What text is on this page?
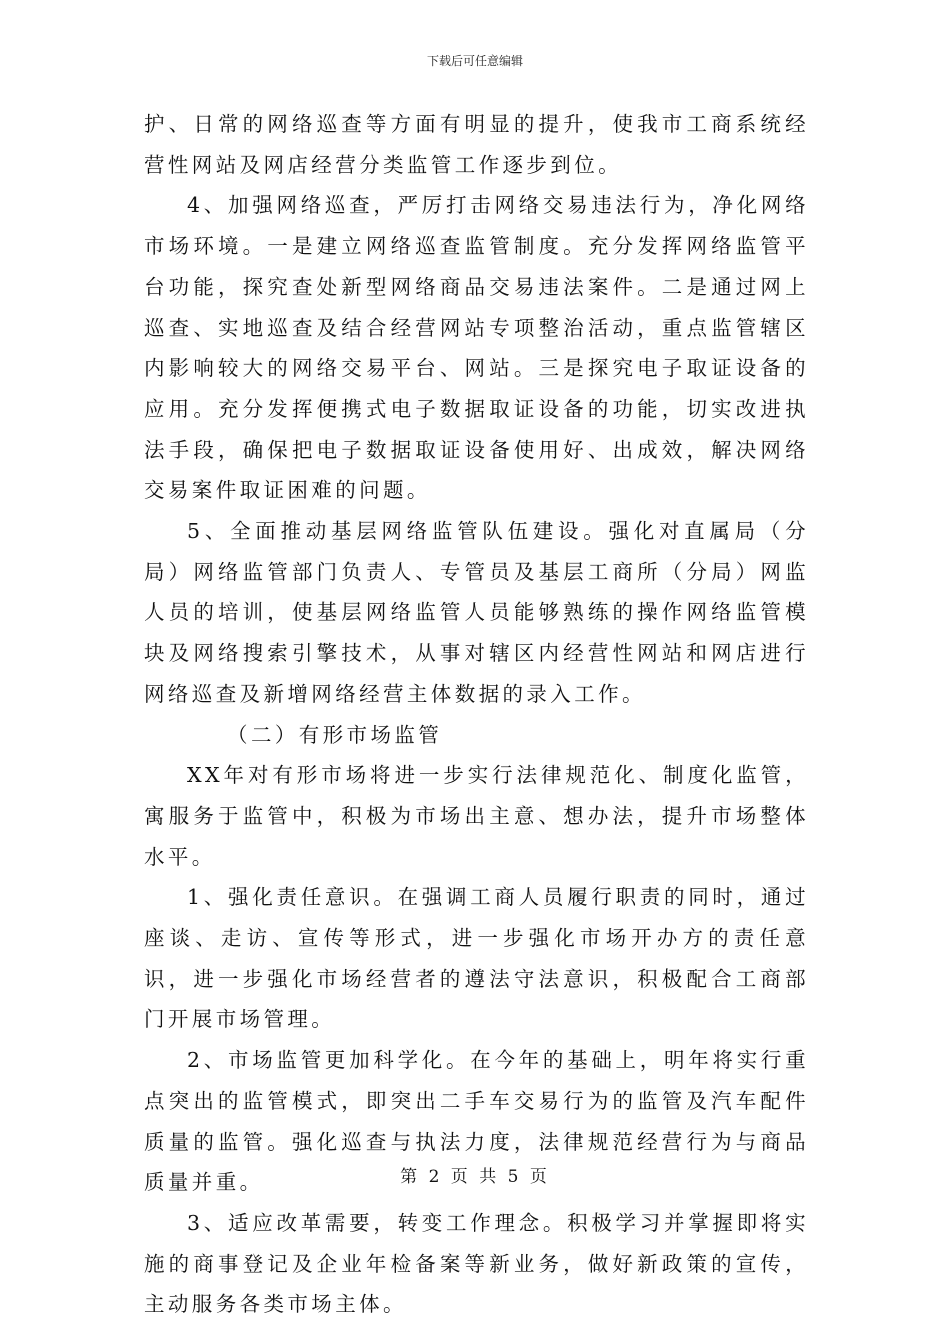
下载后可任意编辑

护、日常的网络巡查等方面有明显的提升，使我市工商系统经营性网站及网店经营分类监管工作逐步到位。

4、加强网络巡查，严厉打击网络交易违法行为，净化网络市场环境。一是建立网络巡查监管制度。充分发挥网络监管平台功能，探究查处新型网络商品交易违法案件。二是通过网上巡查、实地巡查及结合经营网站专项整治活动，重点监管辖区内影响较大的网络交易平台、网站。三是探究电子取证设备的应用。充分发挥便携式电子数据取证设备的功能，切实改进执法手段，确保把电子数据取证设备使用好、出成效，解决网络交易案件取证困难的问题。

5、全面推动基层网络监管队伍建设。强化对直属局（分局）网络监管部门负责人、专管员及基层工商所（分局）网监人员的培训，使基层网络监管人员能够熟练的操作网络监管模块及网络搜索引擎技术，从事对辖区内经营性网站和网店进行网络巡查及新增网络经营主体数据的录入工作。

（二）有形市场监管

XX年对有形市场将进一步实行法律规范化、制度化监管，寓服务于监管中，积极为市场出主意、想办法，提升市场整体水平。

1、强化责任意识。在强调工商人员履行职责的同时，通过座谈、走访、宣传等形式，进一步强化市场开办方的责任意识，进一步强化市场经营者的遵法守法意识，积极配合工商部门开展市场管理。

2、市场监管更加科学化。在今年的基础上，明年将实行重点突出的监管模式，即突出二手车交易行为的监管及汽车配件质量的监管。强化巡查与执法力度，法律规范经营行为与商品质量并重。

3、适应改革需要，转变工作理念。积极学习并掌握即将实施的商事登记及企业年检备案等新业务，做好新政策的宣传，主动服务各类市场主体。

第 2 页 共 5 页
